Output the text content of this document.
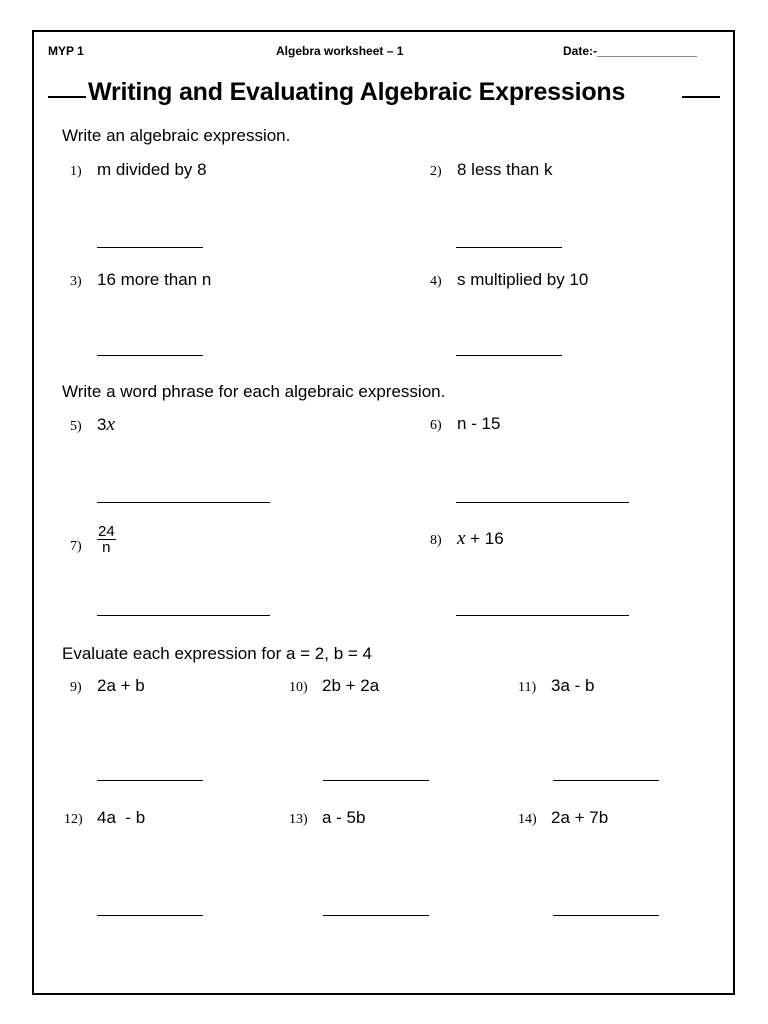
MYP 1	Algebra worksheet – 1	Date:-_______________
Writing and Evaluating Algebraic Expressions
Write an algebraic expression.
1) m divided by 8	2) 8 less than k
3) 16 more than n	4) s multiplied by 10
Write a word phrase for each algebraic expression.
5) 3x	6) n - 15
$7) \frac{24}{n}$	8) x + 16
Evaluate each expression for a = 2, b = 4
9) 2a + b	10) 2b + 2a	11) 3a - b
12) 4a  - b	13) a - 5b	14) 2a + 7b
